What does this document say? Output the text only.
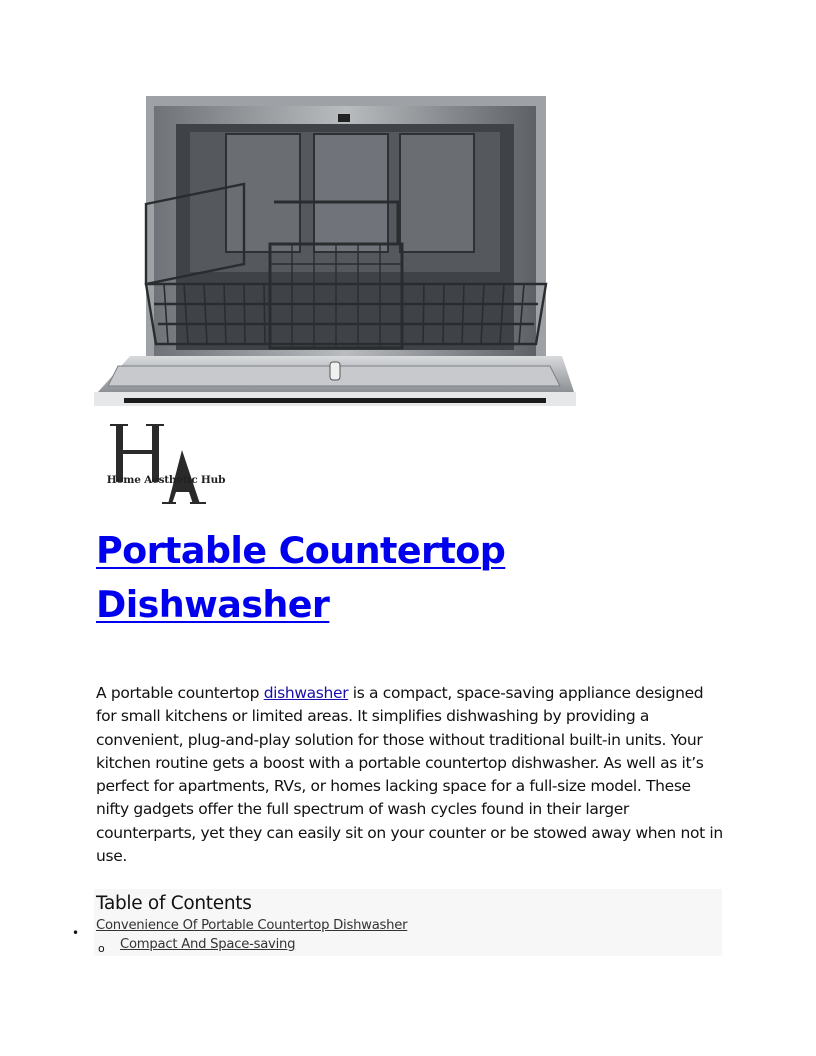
Home Aesthetic Hub
Portable Countertop Dishwasher

A portable countertop dishwasher is a compact, space-saving appliance designed for small kitchens or limited areas. It simplifies dishwashing by providing a convenient, plug-and-play solution for those without traditional built-in units. Your kitchen routine gets a boost with a portable countertop dishwasher. As well as it’s perfect for apartments, RVs, or homes lacking space for a full-size model. These nifty gadgets offer the full spectrum of wash cycles found in their larger counterparts, yet they can easily sit on your counter or be stowed away when not in use.

Table of Contents
Convenience Of Portable Countertop Dishwasher
Compact And Space-saving
•
o
